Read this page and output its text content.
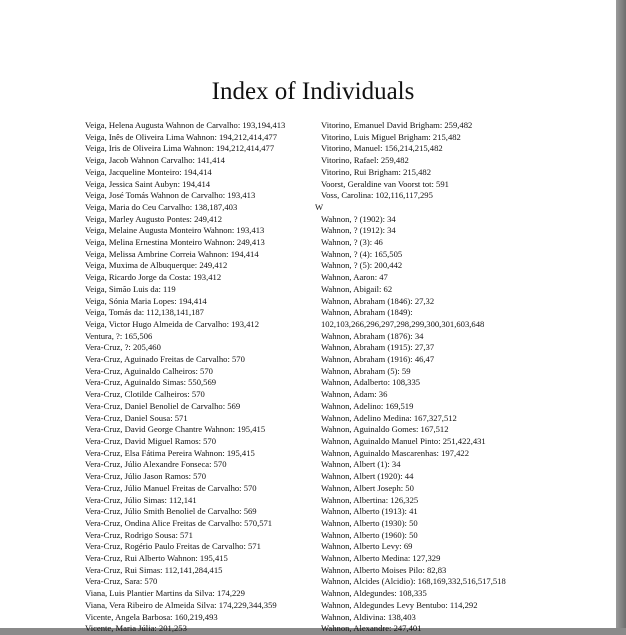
Index of Individuals
Veiga, Helena Augusta Wahnon de Carvalho: 193,194,413
Veiga, Inês de Oliveira Lima Wahnon: 194,212,414,477
Veiga, Iris de Oliveira Lima Wahnon: 194,212,414,477
Veiga, Jacob Wahnon Carvalho: 141,414
Veiga, Jacqueline Monteiro: 194,414
Veiga, Jessica Saint Aubyn: 194,414
Veiga, José Tomás Wahnon de Carvalho: 193,413
Veiga, Maria do Ceu Carvalho: 138,187,403
Veiga, Marley Augusto Pontes: 249,412
Veiga, Melaine Augusta Monteiro Wahnon: 193,413
Veiga, Melina Ernestina Monteiro Wahnon: 249,413
Veiga, Melissa Ambrine Correia Wahnon: 194,414
Veiga, Muxima de Albuquerque: 249,412
Veiga, Ricardo Jorge da Costa: 193,412
Veiga, Simão Luis da: 119
Veiga, Sónia Maria Lopes: 194,414
Veiga, Tomás da: 112,138,141,187
Veiga, Victor Hugo Almeida de Carvalho: 193,412
Ventura, ?: 165,506
Vera-Cruz, ?: 205,460
Vera-Cruz, Aguinado Freitas de Carvalho: 570
Vera-Cruz, Aguinaldo Calheiros: 570
Vera-Cruz, Aguinaldo Simas: 550,569
Vera-Cruz, Clotilde Calheiros: 570
Vera-Cruz, Daniel Benoliel de Carvalho: 569
Vera-Cruz, Daniel Sousa: 571
Vera-Cruz, David George Chantre Wahnon: 195,415
Vera-Cruz, David Miguel Ramos: 570
Vera-Cruz, Elsa Fátima Pereira Wahnon: 195,415
Vera-Cruz, Júlio Alexandre Fonseca: 570
Vera-Cruz, Júlio Jason Ramos: 570
Vera-Cruz, Júlio Manuel Freitas de Carvalho: 570
Vera-Cruz, Júlio Simas: 112,141
Vera-Cruz, Júlio Smith Benoliel de Carvalho: 569
Vera-Cruz, Ondina Alice Freitas de Carvalho: 570,571
Vera-Cruz, Rodrigo Sousa: 571
Vera-Cruz, Rogério Paulo Freitas de Carvalho: 571
Vera-Cruz, Rui Alberto Wahnon: 195,415
Vera-Cruz, Rui Simas: 112,141,284,415
Vera-Cruz, Sara: 570
Viana, Luis Plantier Martins da Silva: 174,229
Viana, Vera Ribeiro de Almeida Silva: 174,229,344,359
Vicente, Angela Barbosa: 160,219,493
Vicente, Maria Júlia: 201,253
Vitorino, Emanuel David Brigham: 259,482
Vitorino, Luis Miguel Brigham: 215,482
Vitorino, Manuel: 156,214,215,482
Vitorino, Rafael: 259,482
Vitorino, Rui Brigham: 215,482
Voorst, Geraldine van Voorst tot: 591
Voss, Carolina: 102,116,117,295
W
Wahnon, ? (1902): 34
Wahnon, ? (1912): 34
Wahnon, ? (3): 46
Wahnon, ? (4): 165,505
Wahnon, ? (5): 200,442
Wahnon, Aaron: 47
Wahnon, Abigail: 62
Wahnon, Abraham (1846): 27,32
Wahnon, Abraham (1849):
102,103,266,296,297,298,299,300,301,603,648
Wahnon, Abraham (1876): 34
Wahnon, Abraham (1915): 27,37
Wahnon, Abraham (1916): 46,47
Wahnon, Abraham (5): 59
Wahnon, Adalberto: 108,335
Wahnon, Adam: 36
Wahnon, Adelino: 169,519
Wahnon, Adelino Medina: 167,327,512
Wahnon, Aguinaldo Gomes: 167,512
Wahnon, Aguinaldo Manuel Pinto: 251,422,431
Wahnon, Aguinaldo Mascarenhas: 197,422
Wahnon, Albert (1): 34
Wahnon, Albert (1920): 44
Wahnon, Albert Joseph: 50
Wahnon, Albertina: 126,325
Wahnon, Alberto (1913): 41
Wahnon, Alberto (1930): 50
Wahnon, Alberto (1960): 50
Wahnon, Alberto Levy: 69
Wahnon, Alberto Medina: 127,329
Wahnon, Alberto Moises Pilo: 82,83
Wahnon, Alcides (Alcidio): 168,169,332,516,517,518
Wahnon, Aldegundes: 108,335
Wahnon, Aldegundes Levy Bentubo: 114,292
Wahnon, Aldivina: 138,403
Wahnon, Alexandre: 247,401
